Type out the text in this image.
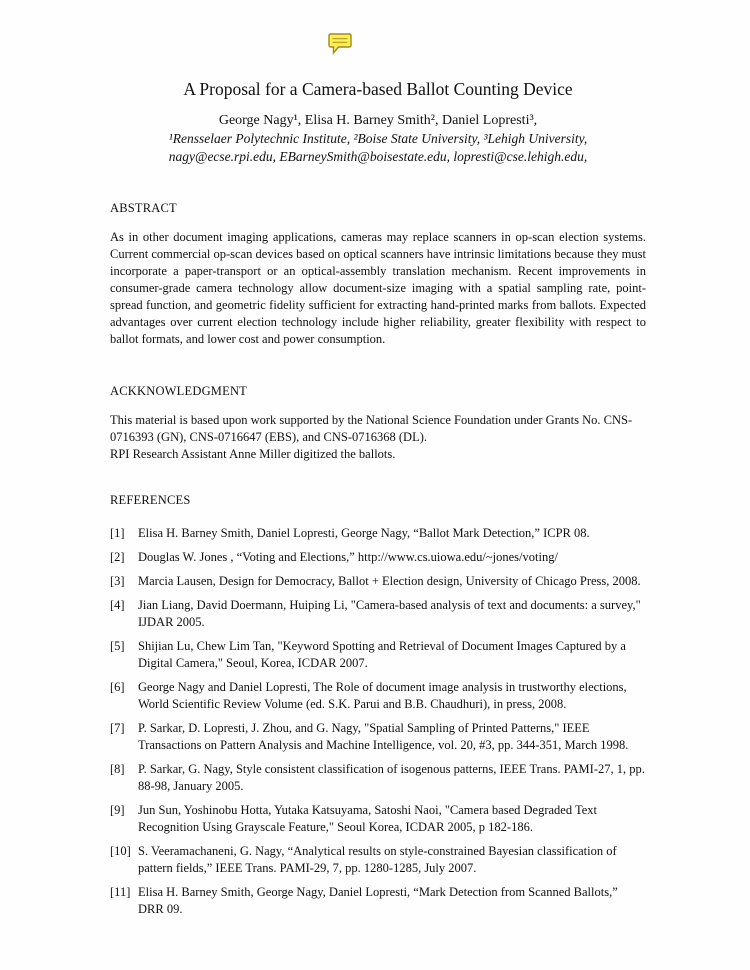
A Proposal for a Camera-based Ballot Counting Device

George Nagy¹, Elisa H. Barney Smith², Daniel Lopresti³,

¹Rensselaer Polytechnic Institute, ²Boise State University, ³Lehigh University,

nagy@ecse.rpi.edu, EBarneySmith@boisestate.edu, lopresti@cse.lehigh.edu,

ABSTRACT

As in other document imaging applications, cameras may replace scanners in op-scan election systems. Current commercial op-scan devices based on optical scanners have intrinsic limitations because they must incorporate a paper-transport or an optical-assembly translation mechanism. Recent improvements in consumer-grade camera technology allow document-size imaging with a spatial sampling rate, point-spread function, and geometric fidelity sufficient for extracting hand-printed marks from ballots. Expected advantages over current election technology include higher reliability, greater flexibility with respect to ballot formats, and lower cost and power consumption.

ACKKNOWLEDGMENT

This material is based upon work supported by the National Science Foundation under Grants No. CNS-0716393 (GN), CNS-0716647 (EBS), and CNS-0716368 (DL).

RPI Research Assistant Anne Miller digitized the ballots.

REFERENCES
[1]	Elisa H. Barney Smith, Daniel Lopresti, George Nagy, “Ballot Mark Detection,” ICPR 08.
[2]	Douglas W. Jones , “Voting and Elections,” http://www.cs.uiowa.edu/~jones/voting/
[3]	Marcia Lausen, Design for Democracy, Ballot + Election design, University of Chicago Press, 2008.
[4]	Jian Liang, David Doermann, Huiping Li, "Camera-based analysis of text and documents: a survey," IJDAR 2005.
[5]	Shijian Lu, Chew Lim Tan, "Keyword Spotting and Retrieval of Document Images Captured by a Digital Camera," Seoul, Korea, ICDAR 2007.
[6]	George Nagy and Daniel Lopresti, The Role of document image analysis in trustworthy elections, World Scientific Review Volume (ed. S.K. Parui and B.B. Chaudhuri), in press, 2008.
[7]	P. Sarkar, D. Lopresti, J. Zhou, and G. Nagy, "Spatial Sampling of Printed Patterns," IEEE Transactions on Pattern Analysis and Machine Intelligence, vol. 20, #3, pp. 344-351, March 1998.
[8]	P. Sarkar, G. Nagy, Style consistent classification of isogenous patterns, IEEE Trans. PAMI-27, 1, pp. 88-98, January 2005.
[9]	Jun Sun, Yoshinobu Hotta, Yutaka Katsuyama, Satoshi Naoi, "Camera based Degraded Text Recognition Using Grayscale Feature," Seoul Korea, ICDAR 2005, p 182-186.
[10] S. Veeramachaneni, G. Nagy, “Analytical results on style-constrained Bayesian classification of pattern fields,” IEEE Trans. PAMI-29, 7, pp. 1280-1285, July 2007.
[11] Elisa H. Barney Smith, George Nagy, Daniel Lopresti, “Mark Detection from Scanned Ballots,” DRR 09.
